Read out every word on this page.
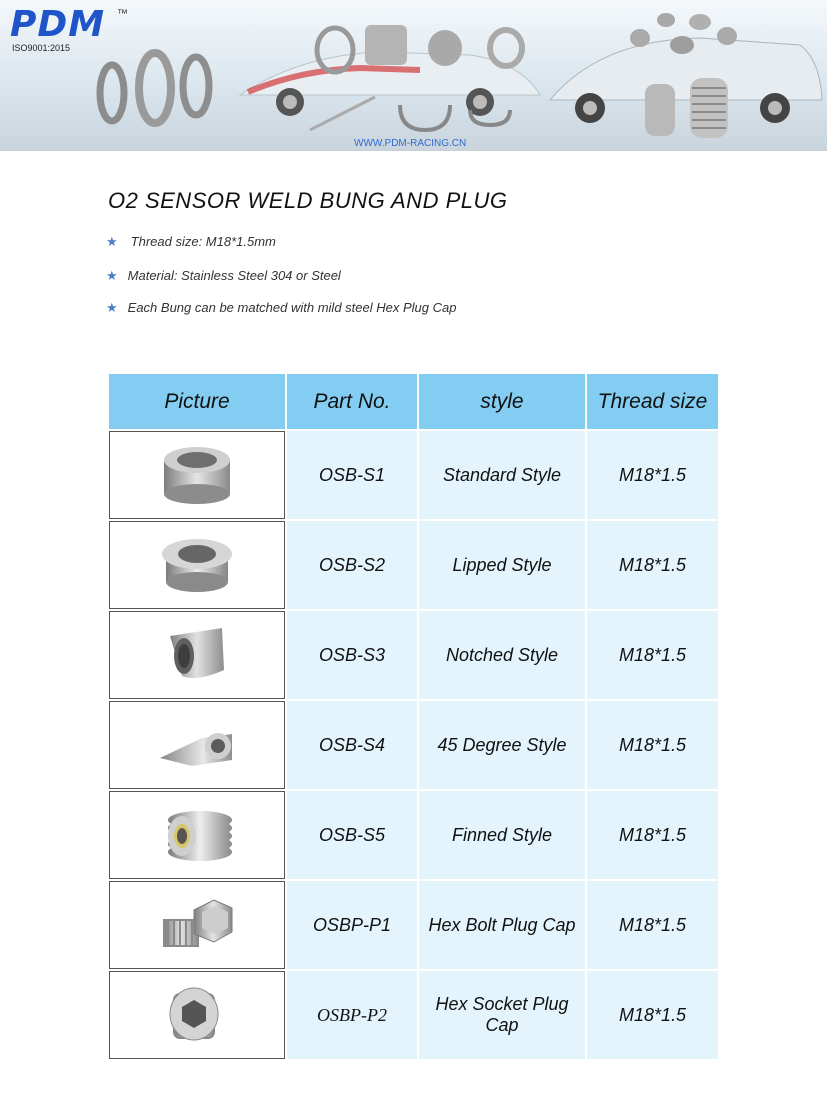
PDM ™
ISO9001:2015
WWW.PDM-RACING.CN
O2 SENSOR WELD BUNG AND PLUG
★ Thread size: M18*1.5mm
★ Material: Stainless Steel 304 or Steel
★ Each Bung can be matched with mild steel Hex Plug Cap
Picture	Part No.	style	Thread size
	OSB-S1	Standard Style	M18*1.5
	OSB-S2	Lipped Style	M18*1.5
	OSB-S3	Notched Style	M18*1.5
	OSB-S4	45 Degree Style	M18*1.5
	OSB-S5	Finned Style	M18*1.5
	OSBP-P1	Hex Bolt Plug Cap	M18*1.5
	OSBP-P2	Hex Socket Plug Cap	M18*1.5
